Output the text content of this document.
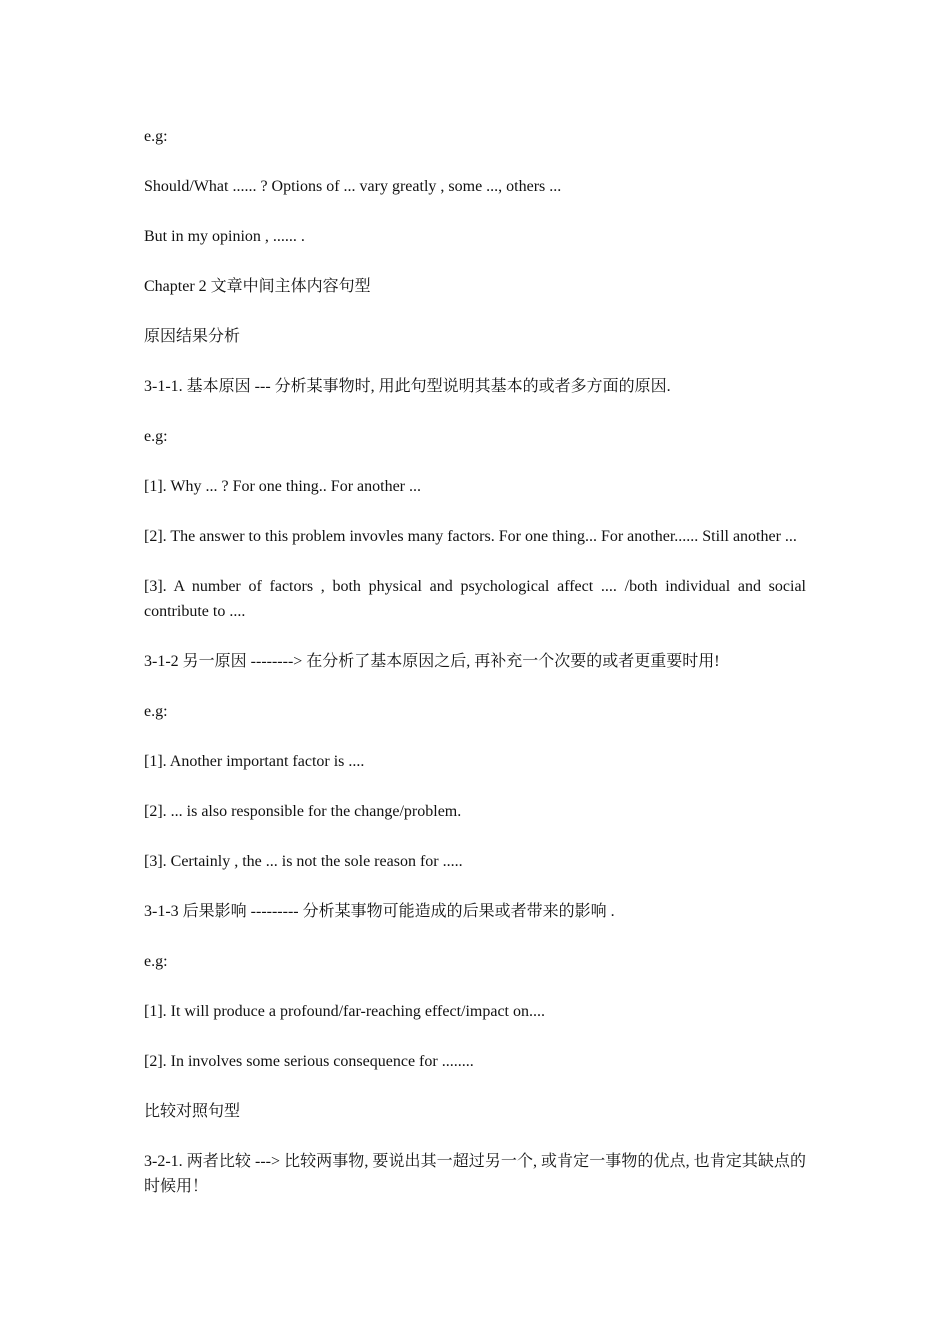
e.g:

Should/What ...... ? Options of ... vary greatly , some ..., others ...

But in my opinion , ...... .

Chapter 2 文章中间主体内容句型

原因结果分析

3-1-1. 基本原因 --- 分析某事物时, 用此句型说明其基本的或者多方面的原因.

e.g:

[1]. Why ... ? For one thing.. For another ...

[2]. The answer to this problem invovles many factors. For one thing... For another...... Still another ...

[3]. A number of factors , both physical and psychological affect .... /both individual and social contribute to ....

3-1-2 另一原因 --------> 在分析了基本原因之后, 再补充一个次要的或者更重要时用!

e.g:

[1]. Another important factor is ....

[2]. ... is also responsible for the change/problem.

[3]. Certainly , the ... is not the sole reason for .....

3-1-3 后果影响 --------- 分析某事物可能造成的后果或者带来的影响 .

e.g:

[1]. It will produce a profound/far-reaching effect/impact on....

[2]. In involves some serious consequence for ........

比较对照句型

3-2-1. 两者比较 ---> 比较两事物, 要说出其一超过另一个, 或肯定一事物的优点, 也肯定其缺点的时候用！
